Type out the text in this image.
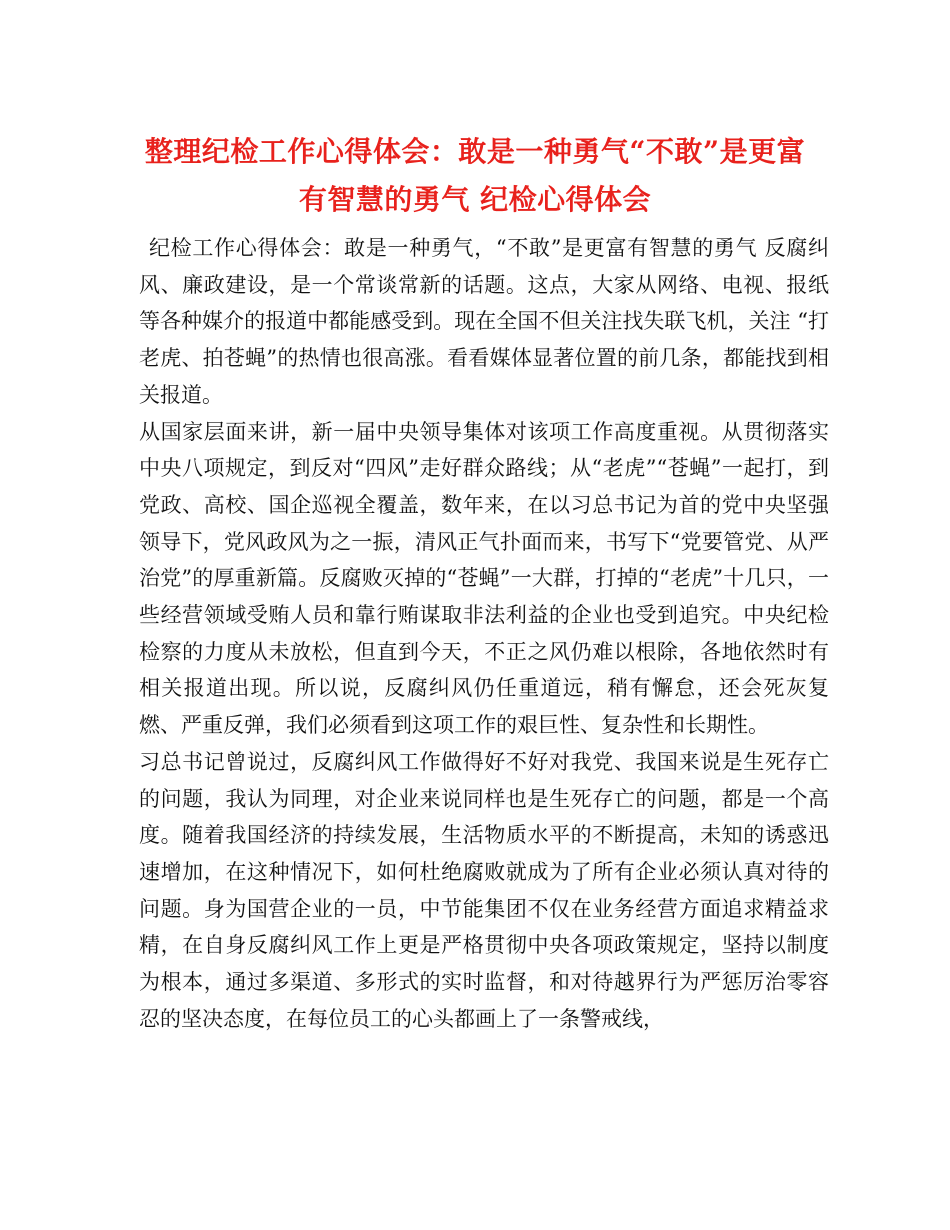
整理纪检工作心得体会：敢是一种勇气“不敢”是更富
有智慧的勇气 纪检心得体会

纪检工作心得体会：敢是一种勇气，“不敢”是更富有智慧的勇气 反腐纠风、廉政建设，是一个常谈常新的话题。这点，大家从网络、电视、报纸等各种媒介的报道中都能感受到。现在全国不但关注找失联飞机，关注 “打老虎、拍苍蝇”的热情也很高涨。看看媒体显著位置的前几条，都能找到相关报道。

从国家层面来讲，新一届中央领导集体对该项工作高度重视。从贯彻落实中央八项规定，到反对“四风”走好群众路线；从“老虎”“苍蝇”一起打，到党政、高校、国企巡视全覆盖，数年来，在以习总书记为首的党中央坚强领导下，党风政风为之一振，清风正气扑面而来，书写下“党要管党、从严治党”的厚重新篇。反腐败灭掉的“苍蝇”一大群，打掉的“老虎”十几只，一些经营领域受贿人员和靠行贿谋取非法利益的企业也受到追究。中央纪检检察的力度从未放松，但直到今天，不正之风仍难以根除，各地依然时有相关报道出现。所以说，反腐纠风仍任重道远，稍有懈怠，还会死灰复燃、严重反弹，我们必须看到这项工作的艰巨性、复杂性和长期性。

习总书记曾说过，反腐纠风工作做得好不好对我党、我国来说是生死存亡的问题，我认为同理，对企业来说同样也是生死存亡的问题，都是一个高度。随着我国经济的持续发展，生活物质水平的不断提高，未知的诱惑迅速增加，在这种情况下，如何杜绝腐败就成为了所有企业必须认真对待的问题。身为国营企业的一员，中节能集团不仅在业务经营方面追求精益求精，在自身反腐纠风工作上更是严格贯彻中央各项政策规定，坚持以制度为根本，通过多渠道、多形式的实时监督，和对待越界行为严惩厉治零容忍的坚决态度，在每位员工的心头都画上了一条警戒线，
